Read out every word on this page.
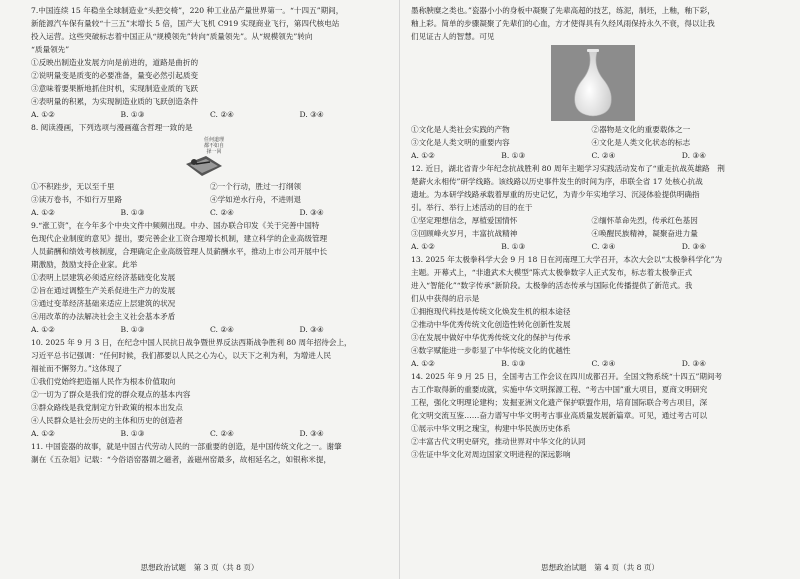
7.中国连续 15 年稳坐全球制造业“头把交椅”，220 种工业品产量世界第一。“十四五”期间，

新能源汽车保有量较“十三五”末增长 5 倍，国产大飞机 C919 实现商业飞行，第四代核电站

投入运营。这些突破标志着中国正从“规模领先”转向“质量领先”。从“规模领先”转向

“质量领先”

①反映出制造业发展方向是前进的，道路是曲折的

②说明量变是质变的必要准备，量变必然引起质变

③意味着要果断地抓住时机，实现制造业质的飞跃

④表明量的积累，为实现制造业质的飞跃创造条件

A. ①②	B. ①③	C. ②④	D. ③④

8. 阅读漫画，下列选项与漫画蕴含哲理一致的是

任何道理
都不如自
择一回
①不积跬步，无以至千里	②一个行动，胜过一打纲领
③读万卷书，不如行万里路	④学如逆水行舟，不进则退
A. ①②	B. ①③	C. ②④	D. ③④

9.“涨工资”，在今年多个中央文件中频频出现。中办、国办联合印发《关于完善中国特

色现代企业制度的意见》提出，要完善企业工资合理增长机制，建立科学的企业高级管理

人员薪酬和绩效考核制度，合理确定企业高级管理人员薪酬水平，推动上市公司开展中长

期激励，鼓励支持企业家。此举

①表明上层建筑必须适应经济基础变化发展

②旨在通过调整生产关系促进生产力的发展

③通过变革经济基础来适应上层建筑的状况

④用改革的办法解决社会主义社会基本矛盾

A. ①②	B. ①③	C. ②④	D. ③④

10. 2025 年 9 月 3 日，在纪念中国人民抗日战争暨世界反法西斯战争胜利 80 周年招待会上，

习近平总书记强调：“任何时候，我们都要以人民之心为心，以天下之利为利，为增进人民

福祉而不懈努力。”这体现了

①我们党始终把造福人民作为根本价值取向

②一切为了群众是我们党的群众观点的基本内容

③群众路线是我党制定方针政策的根本出发点

④人民群众是社会历史的主体和历史的创造者

A. ①②	B. ①③	C. ②④	D. ③④

11. 中国瓷器的故事，就是中国古代劳动人民的一部重要的创造，是中国传统文化之一。谢肇

淛在《五杂俎》记载：“今俗语窑器谓之磁者，盖磁州窑最多，故相延名之，如银称米提，

思想政治试题　第 3 页（共 8 页）

墨称腴糜之类也。”瓷器小小的身板中凝聚了先辈高超的技艺，练泥，制坯，上釉，釉下彩，

釉上彩。简单的步骤凝聚了先辈们的心血，方才使得具有久经风雨保持永久不衰，得以让我

们见证古人的智慧。可见

①文化是人类社会实践的产物	②器物是文化的重要载体之一
③文化是人类文明的重要内容	④文化是人类文化状态的标志
A. ①②	B. ①③	C. ②④	D. ③④

12. 近日，湖北省青少年纪念抗战胜利 80 周年主题学习实践活动发布了“重走抗战英雄路　荆

楚薪火永相传”研学线路。该线路以历史事件发生的时间为序，串联全省 17 处核心抗战

遗址。为本研学线路承载着厚重的历史记忆，为青少年实地学习、沉浸体验提供明确指

引。举行、举行上述活动的目的在于

①坚定理想信念，厚植爱国情怀	②缅怀革命先烈，传承红色基因
③回顾峰火岁月，丰富抗战精神	④唤醒民族精神，凝聚奋进力量
A. ①②	B. ①③	C. ②④	D. ③④

13. 2025 年太极拳科学大会 9 月 18 日在河南理工大学召开，本次大会以“太极拳科学化”为

主题。开幕式上，“非遗武术大模型”陈式太极拳数字人正式发布，标志着太极拳正式

进入“智能化”“数字传承”新阶段。太极拳的活态传承与国际化传播提供了新范式。我

们从中获得的启示是

①拥抱现代科技是传统文化焕发生机的根本途径

②推动中华优秀传统文化创造性转化创新性发展

③在发展中做好中华优秀传统文化的保护与传承

④数字赋能进一步彰显了中华传统文化的优越性

A. ①②	B. ①③	C. ②④	D. ③④

14. 2025 年 9 月 25 日，全国考古工作会议在四川成都召开。全国文物系统“十四五”期间考

古工作取得新的重要成就，实施中华文明探源工程、“考古中国”重大项目，夏商文明研究

工程，强化文明理论建构；发掘亚洲文化遗产保护联盟作用，培育国际联合考古项目，深

化文明交流互鉴……奋力谱写中华文明考古事业高质量发展新篇章。可见，通过考古可以

①展示中华文明之瑰宝，构建中华民族历史体系

②丰富古代文明史研究，推动世界对中华文化的认同

③佐证中华文化对周边国家文明进程的深远影响

思想政治试题　第 4 页（共 8 页）
